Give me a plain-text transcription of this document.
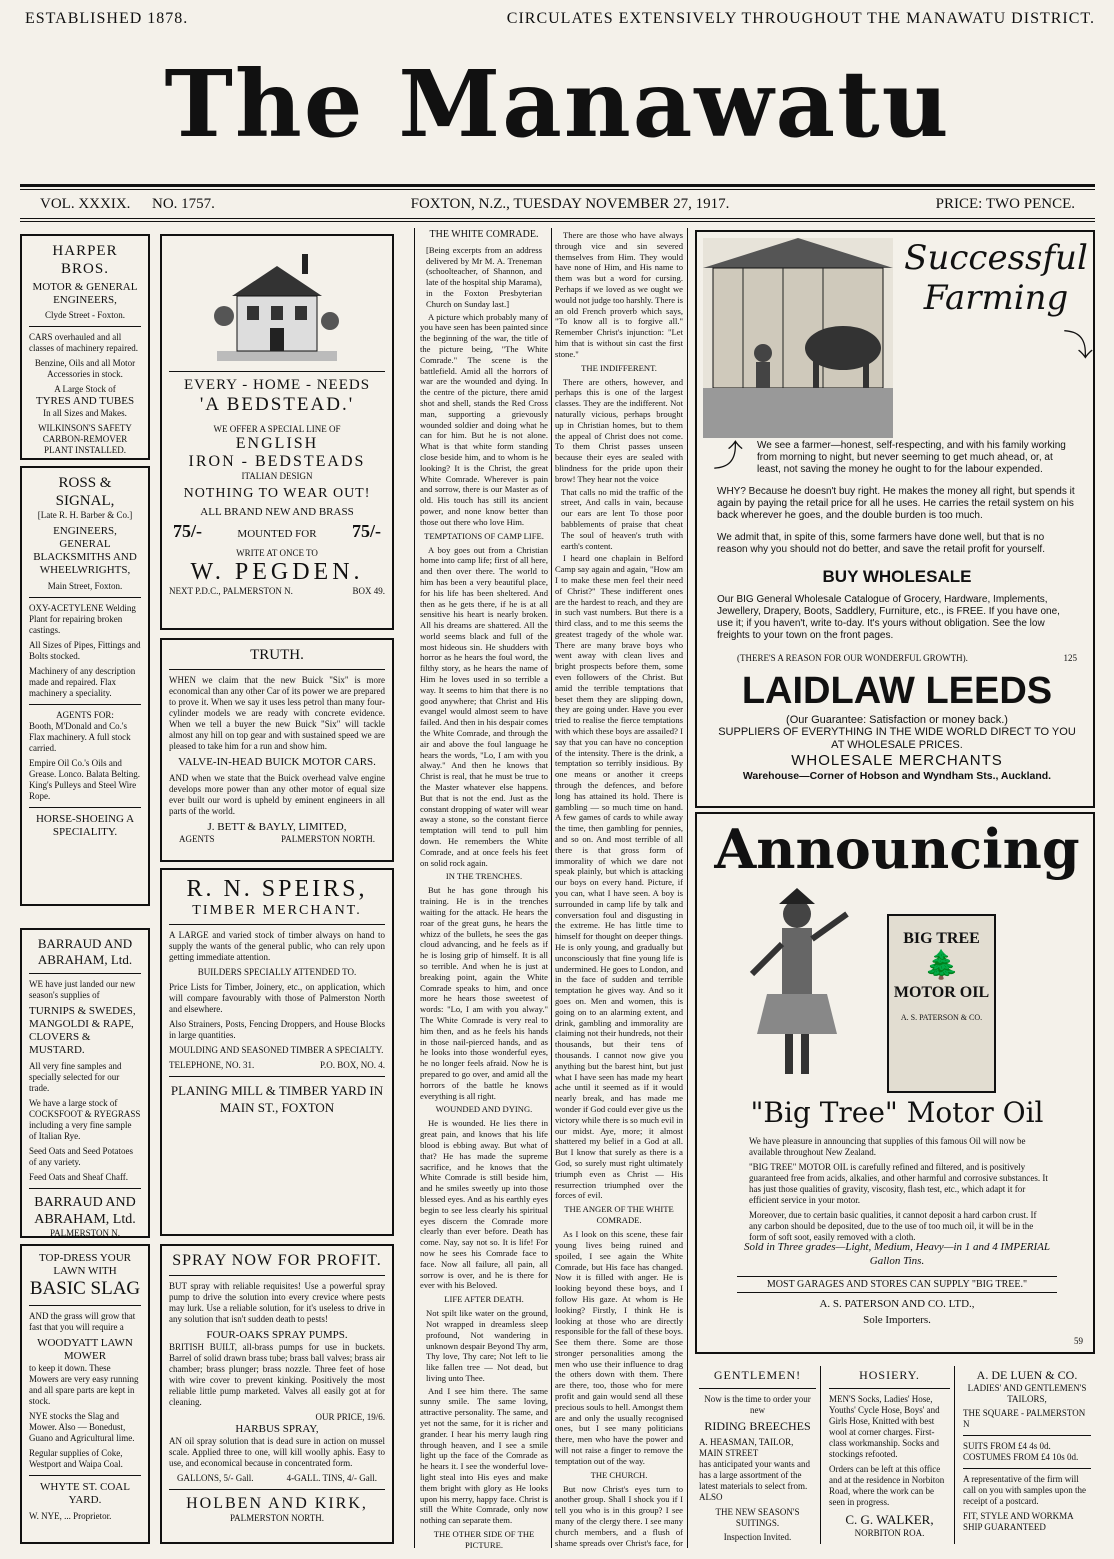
ESTABLISHED 1878.	CIRCULATES EXTENSIVELY THROUGHOUT THE MANAWATU DISTRICT.
The Manawatu
VOL. XXXIX.	NO. 1757.	FOXTON, N.Z., TUESDAY NOVEMBER 27, 1917.	PRICE: TWO PENCE.
HARPER BROS.
MOTOR & GENERAL ENGINEERS,
Clyde Street - Foxton.

CARS overhauled and all classes of machinery repaired.

Benzine, Oils and all Motor Accessories in stock.

A Large Stock of
TYRES AND TUBES

In all Sizes and Makes.

WILKINSON'S SAFETY CARBON-REMOVER PLANT INSTALLED.

ROSS & SIGNAL,
[Late R. H. Barber & Co.]
ENGINEERS, GENERAL BLACKSMITHS AND WHEELWRIGHTS,
Main Street, Foxton.

OXY-ACETYLENE Welding Plant for repairing broken castings.

All Sizes of Pipes, Fittings and Bolts stocked.

Machinery of any description made and repaired. Flax machinery a speciality.

AGENTS FOR:

Booth, M'Donald and Co.'s Flax machinery. A full stock carried.

Empire Oil Co.'s Oils and Grease. Lonco. Balata Belting. King's Pulleys and Steel Wire Rope.

HORSE-SHOEING A SPECIALITY.
BARRAUD AND ABRAHAM, Ltd.

WE have just landed our new season's supplies of

TURNIPS & SWEDES, MANGOLDI & RAPE, CLOVERS & MUSTARD.

All very fine samples and specially selected for our trade.

We have a large stock of COCKSFOOT & RYEGRASS including a very fine sample of Italian Rye.

Seed Oats and Seed Potatoes of any variety.

Feed Oats and Sheaf Chaff.

BARRAUD AND ABRAHAM, Ltd.
PALMERSTON N.
TOP-DRESS YOUR LAWN WITH
BASIC SLAG

AND the grass will grow that fast that you will require a

WOODYATT LAWN MOWER

to keep it down. These Mowers are very easy running and all spare parts are kept in stock.

NYE stocks the Slag and Mower. Also — Bonedust, Guano and Agricultural lime.

Regular supplies of Coke, Westport and Waipa Coal.

WHYTE ST. COAL YARD.
W. NYE, ... Proprietor.
EVERY - HOME - NEEDS
'A BEDSTEAD.'
WE OFFER A SPECIAL LINE OF
ENGLISH
IRON - BEDSTEADS
ITALIAN DESIGN
NOTHING TO WEAR OUT!
ALL BRAND NEW AND BRASS
75/-	MOUNTED FOR 75/-
WRITE AT ONCE TO
W. PEGDEN.
NEXT P.D.C., PALMERSTON N.	BOX 49.
TRUTH.

WHEN we claim that the new Buick "Six" is more economical than any other Car of its power we are prepared to prove it. When we say it uses less petrol than many four-cylinder models we are ready with concrete evidence. When we tell a buyer the new Buick "Six" will tackle almost any hill on top gear and with sustained speed we are pleased to take him for a run and show him.

VALVE-IN-HEAD BUICK MOTOR CARS.

AND when we state that the Buick overhead valve engine develops more power than any other motor of equal size ever built our word is upheld by eminent engineers in all parts of the world.

J. BETT & BAYLY, LIMITED,
AGENTS	PALMERSTON NORTH.
R. N. SPEIRS,
TIMBER MERCHANT.

A LARGE and varied stock of timber always on hand to supply the wants of the general public, who can rely upon getting immediate attention.

BUILDERS SPECIALLY ATTENDED TO.

Price Lists for Timber, Joinery, etc., on application, which will compare favourably with those of Palmerston North and elsewhere.

Also Strainers, Posts, Fencing Droppers, and House Blocks in large quantities.

MOULDING AND SEASONED TIMBER A SPECIALTY.

TELEPHONE, NO. 31.	P.O. BOX, NO. 4.
PLANING MILL & TIMBER YARD IN MAIN ST., FOXTON
SPRAY NOW FOR PROFIT.

BUT spray with reliable requisites! Use a powerful spray pump to drive the solution into every crevice where pests may lurk. Use a reliable solution, for it's useless to drive in any solution that isn't sudden death to pests!

FOUR-OAKS SPRAY PUMPS.

BRITISH BUILT, all-brass pumps for use in buckets. Barrel of solid drawn brass tube; brass ball valves; brass air chamber; brass plunger; brass nozzle. Three feet of hose with wire cover to prevent kinking. Positively the most reliable little pump marketed. Valves all easily got at for cleaning.

OUR PRICE, 19/6.
HARBUS SPRAY,

AN oil spray solution that is dead sure in action on mussel scale. Applied three to one, will kill woolly aphis. Easy to use, and economical because in concentrated form.

GALLONS, 5/- Gall.	4-GALL. TINS, 4/- Gall.
HOLBEN AND KIRK,
PALMERSTON NORTH.
THE WHITE COMRADE.

[Being excerpts from an address delivered by Mr M. A. Treneman (schoolteacher, of Shannon, and late of the hospital ship Marama), in the Foxton Presbyterian Church on Sunday last.]

A picture which probably many of you have seen has been painted since the beginning of the war, the title of the picture being, "The White Comrade." The scene is the battlefield. Amid all the horrors of war are the wounded and dying. In the centre of the picture, there amid shot and shell, stands the Red Cross man, supporting a grievously wounded soldier and doing what he can for him. But he is not alone. What is that white form standing close beside him, and to whom is he looking? It is the Christ, the great White Comrade. Wherever is pain and sorrow, there is our Master as of old. His touch has still its ancient power, and none know better than those out there who love Him.

TEMPTATIONS OF CAMP LIFE.

A boy goes out from a Christian home into camp life; first of all here, and then over there. The world to him has been a very beautiful place, for his life has been sheltered. And then as he gets there, if he is at all sensitive his heart is nearly broken. All his dreams are shattered. All the world seems black and full of the most hideous sin. He shudders with horror as he hears the foul word, the filthy story, as he hears the name of Him he loves used in so terrible a way. It seems to him that there is no good anywhere; that Christ and His evangel would almost seem to have failed. And then in his despair comes the White Comrade, and through the air and above the foul language he hears the words, "Lo, I am with you alway." And then he knows that Christ is real, that he must be true to the Master whatever else happens. But that is not the end. Just as the constant dropping of water will wear away a stone, so the constant fierce temptation will tend to pull him down. He remembers the White Comrade, and at once feels his feet on solid rock again.

IN THE TRENCHES.

But he has gone through his training. He is in the trenches waiting for the attack. He hears the roar of the great guns, he hears the whizz of the bullets, he sees the gas cloud advancing, and he feels as if he is losing grip of himself. It is all so terrible. And when he is just at breaking point, again the White Comrade speaks to him, and once more he hears those sweetest of words: "Lo, I am with you alway." The White Comrade is very real to him then, and as he feels his hands in those nail-pierced hands, and as he looks into those wonderful eyes, he no longer feels afraid. Now he is prepared to go over, and amid all the horrors of the battle he knows everything is all right.

WOUNDED AND DYING.

He is wounded. He lies there in great pain, and knows that his life blood is ebbing away. But what of that? He has made the supreme sacrifice, and he knows that the White Comrade is still beside him, and he smiles sweetly up into those blessed eyes. And as his earthly eyes begin to see less clearly his spiritual eyes discern the Comrade more clearly than ever before. Death has come. Nay, say not so. It is life! For now he sees his Comrade face to face. Now all failure, all pain, all sorrow is over, and he is there for ever with his Beloved.

LIFE AFTER DEATH.

Not spilt like water on the ground, Not wrapped in dreamless sleep profound, Not wandering in unknown despair Beyond Thy arm, Thy love, Thy care; Not left to lie like fallen tree — Not dead, but living unto Thee.

And I see him there. The same sunny smile. The same loving, attractive personality. The same, and yet not the same, for it is richer and grander. I hear his merry laugh ring through heaven, and I see a smile light up the face of the Comrade as he hears it. I see the wonderful love-light steal into His eyes and make them bright with glory as He looks upon his merry, happy face. Christ is still the White Comrade, only now nothing can separate them.

THE OTHER SIDE OF THE PICTURE.

There are those who have always through vice and sin severed themselves from Him. They would have none of Him, and His name to them was but a word for cursing. Perhaps if we loved as we ought we would not judge too harshly. There is an old French proverb which says, "To know all is to forgive all." Remember Christ's injunction: "Let him that is without sin cast the first stone."

THE INDIFFERENT.

There are others, however, and perhaps this is one of the largest classes. They are the indifferent. Not naturally vicious, perhaps brought up in Christian homes, but to them the appeal of Christ does not come. To them Christ passes unseen because their eyes are sealed with blindness for the pride upon their brow! They hear not the voice

That calls no mid the traffic of the street, And calls in vain, because our ears are lent To those poor babblements of praise that cheat The soul of heaven's truth with earth's content.

I heard one chaplain in Belford Camp say again and again, "How am I to make these men feel their need of Christ?" These indifferent ones are the hardest to reach, and they are in such vast numbers. But there is a third class, and to me this seems the greatest tragedy of the whole war. There are many brave boys who went away with clean lives and bright prospects before them, some even followers of the Christ. But amid the terrible temptations that beset them they are slipping down, they are going under. Have you ever tried to realise the fierce temptations with which these boys are assailed? I say that you can have no conception of the intensity. There is the drink, a temptation so terribly insidious. By one means or another it creeps through the defences, and before long has attained its hold. There is gambling — so much time on hand. A few games of cards to while away the time, then gambling for pennies, and so on. And most terrible of all there is that gross form of immorality of which we dare not speak plainly, but which is attacking our boys on every hand. Picture, if you can, what I have seen. A boy is surrounded in camp life by talk and conversation foul and disgusting in the extreme. He has little time to himself for thought on deeper things. He is only young, and gradually but unconsciously that fine young life is undermined. He goes to London, and in the face of sudden and terrible temptation he gives way. And so it goes on. Men and women, this is going on to an alarming extent, and drink, gambling and immorality are claiming not their hundreds, not their thousands, but their tens of thousands. I cannot now give you anything but the barest hint, but just what I have seen has made my heart ache until it seemed as if it would nearly break, and has made me wonder if God could ever give us the victory while there is so much evil in our midst. Aye, more; it almost shattered my belief in a God at all. But I know that surely as there is a God, so surely must right ultimately triumph even as Christ — His resurrection triumphed over the forces of evil.

THE ANGER OF THE WHITE COMRADE.

As I look on this scene, these fair young lives being ruined and spoiled, I see again the White Comrade, but His face has changed. Now it is filled with anger. He is looking beyond these boys, and I follow His gaze. At whom is He looking? Firstly, I think He is looking at those who are directly responsible for the fall of these boys. See them there. Some are those stronger personalities among the men who use their influence to drag the others down with them. There are there, too, those who for mere profit and gain would send all these precious souls to hell. Amongst them are and only the usually recognised ones, but I see many politicians there, men who have the power and will not raise a finger to remove the temptation out of the way.

THE CHURCH.

But now Christ's eyes turn to another group. Shall I shock you if I tell you who is in this group? I see many of the clergy there. I see many church members, and a flush of shame spreads over Christ's face, for

Successful
Farming
⤴
⤵

We see a farmer—honest, self-respecting, and with his family working from morning to night, but never seeming to get much ahead, or, at least, not saving the money he ought to for the labour expended.

WHY? Because he doesn't buy right. He makes the money all right, but spends it again by paying the retail price for all he uses. He carries the retail system on his back wherever he goes, and the double burden is too much.

We admit that, in spite of this, some farmers have done well, but that is no reason why you should not do better, and save the retail profit for yourself.

BUY WHOLESALE

Our BIG General Wholesale Catalogue of Grocery, Hardware, Implements, Jewellery, Drapery, Boots, Saddlery, Furniture, etc., is FREE. If you have one, use it; if you haven't, write to-day. It's yours without obligation. See the low freights to your town on the front pages.

(THERE'S A REASON FOR OUR WONDERFUL GROWTH).	125
LAIDLAW LEEDS
(Our Guarantee: Satisfaction or money back.)
SUPPLIERS OF EVERYTHING IN THE WIDE WORLD DIRECT TO YOU AT WHOLESALE PRICES.
WHOLESALE MERCHANTS
Warehouse—Corner of Hobson and Wyndham Sts., Auckland.
Announcing
BIG TREE
🌲
MOTOR OIL
A. S. PATERSON & CO.
"Big Tree" Motor Oil

We have pleasure in announcing that supplies of this famous Oil will now be available throughout New Zealand.

"BIG TREE" MOTOR OIL is carefully refined and filtered, and is positively guaranteed free from acids, alkalies, and other harmful and corrosive substances. It has just those qualities of gravity, viscosity, flash test, etc., which adapt it for efficient service in your motor.

Moreover, due to certain basic qualities, it cannot deposit a hard carbon crust. If any carbon should be deposited, due to the use of too much oil, it will be in the form of soft soot, easily removed with a cloth.

Sold in Three grades—Light, Medium, Heavy—in 1 and 4 IMPERIAL Gallon Tins.
MOST GARAGES AND STORES CAN SUPPLY "BIG TREE."
A. S. PATERSON AND CO. LTD.,
Sole Importers.
59
GENTLEMEN!
Now is the time to order your new
RIDING BREECHES
A. HEASMAN, TAILOR, MAIN STREET

has anticipated your wants and has a large assortment of the latest materials to select from. ALSO

THE NEW SEASON'S SUITINGS.
Inspection Invited.
HOSIERY.

MEN'S Socks, Ladies' Hose, Youths' Cycle Hose, Boys' and Girls Hose, Knitted with best wool at corner charges. First-class workmanship. Socks and stockings refooted.

Orders can be left at this office and at the residence in Norbiton Road, where the work can be seen in progress.

C. G. WALKER,
NORBITON ROA.
A. DE LUEN & CO.
LADIES' AND GENTLEMEN'S TAILORS,
THE SQUARE - PALMERSTON N
SUITS FROM £4 4s 0d.
COSTUMES FROM £4 10s 0d.

A representative of the firm will call on you with samples upon the receipt of a postcard.

FIT, STYLE AND WORKMA SHIP GUARANTEED
